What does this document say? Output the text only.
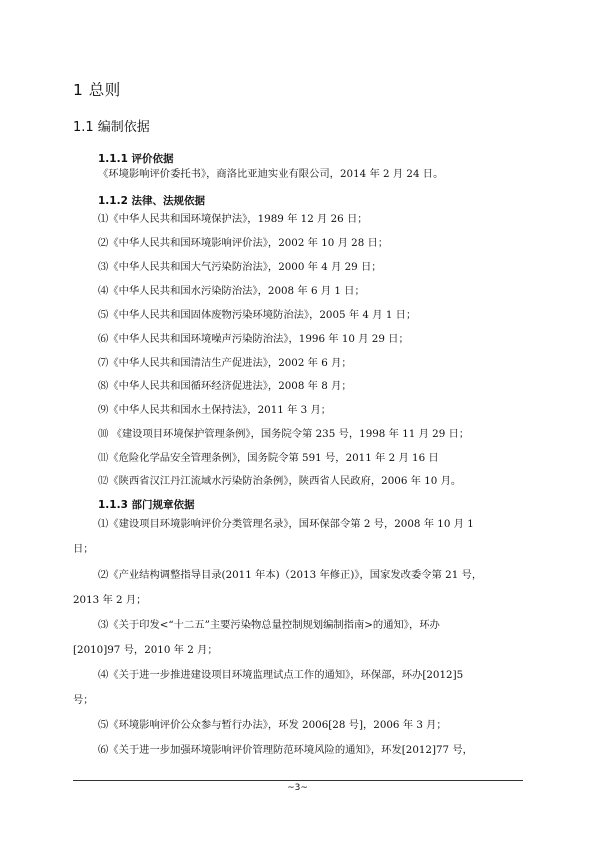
1 总则
1.1 编制依据
1.1.1 评价依据
《环境影响评价委托书》，商洛比亚迪实业有限公司，2014 年 2 月 24 日。
1.1.2 法律、法规依据
⑴《中华人民共和国环境保护法》，1989 年 12 月 26 日；
⑵《中华人民共和国环境影响评价法》，2002 年 10 月 28 日；
⑶《中华人民共和国大气污染防治法》，2000 年 4 月 29 日；
⑷《中华人民共和国水污染防治法》，2008 年 6 月 1 日；
⑸《中华人民共和国固体废物污染环境防治法》，2005 年 4 月 1 日；
⑹《中华人民共和国环境噪声污染防治法》，1996 年 10 月 29 日；
⑺《中华人民共和国清洁生产促进法》，2002 年 6 月；
⑻《中华人民共和国循环经济促进法》，2008 年 8 月；
⑼《中华人民共和国水土保持法》，2011 年 3 月；
⑽ 《建设项目环境保护管理条例》，国务院令第 235 号，1998 年 11 月 29 日；
⑾《危险化学品安全管理条例》，国务院令第 591 号，2011 年 2 月 16 日
⑿《陕西省汉江丹江流域水污染防治条例》，陕西省人民政府，2006 年 10 月。
1.1.3 部门规章依据
⑴《建设项目环境影响评价分类管理名录》，国环保部令第 2 号，2008 年 10 月 1
日；
⑵《产业结构调整指导目录(2011 年本)（2013 年修正)》，国家发改委令第 21 号，
2013 年 2 月；
⑶《关于印发<“十二五”主要污染物总量控制规划编制指南>的通知》，环办
[2010]97 号，2010 年 2 月；
⑷《关于进一步推进建设项目环境监理试点工作的通知》，环保部，环办[2012]5
号；
⑸《环境影响评价公众参与暂行办法》，环发 2006[28 号]，2006 年 3 月；
⑹《关于进一步加强环境影响评价管理防范环境风险的通知》，环发[2012]77 号，
~3~
